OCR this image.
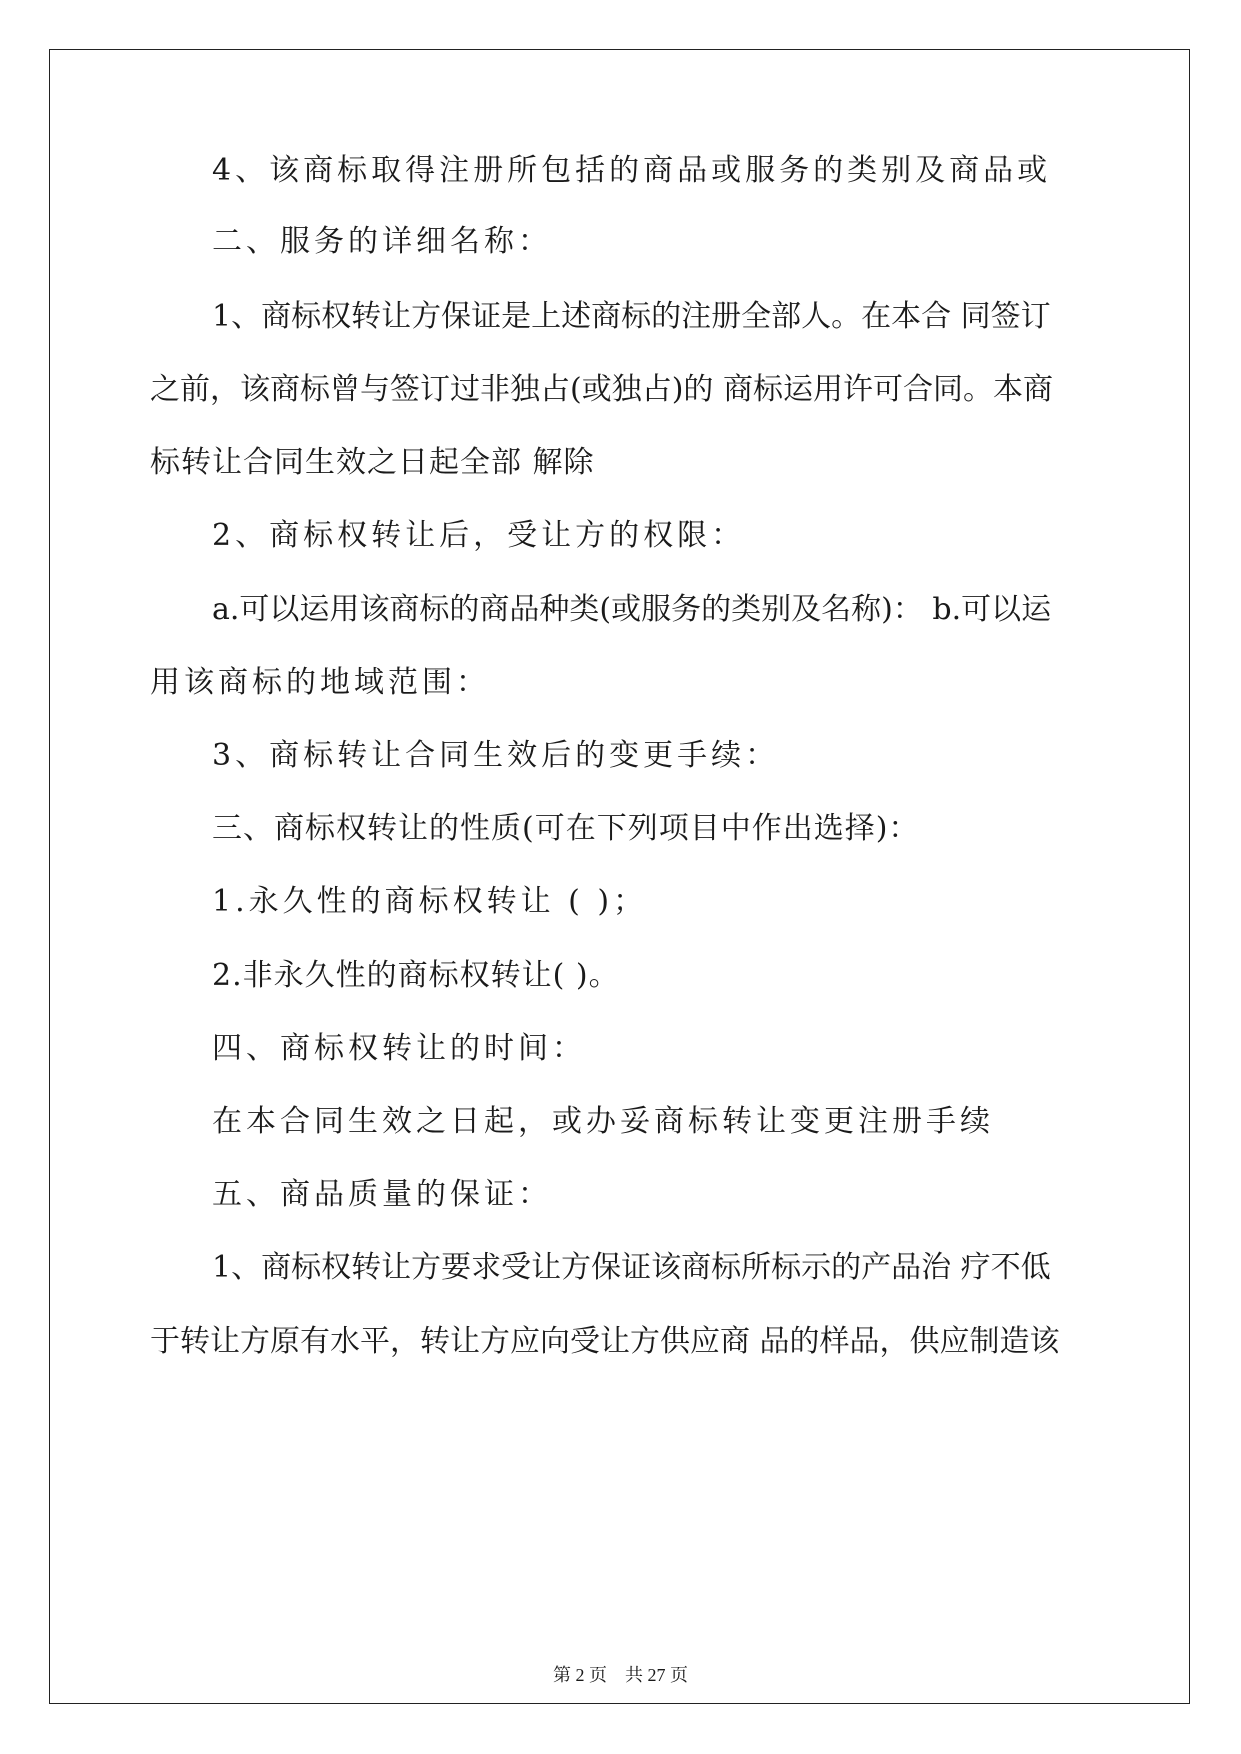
4、该商标取得注册所包括的商品或服务的类别及商品或

二、服务的详细名称：

1、商标权转让方保证是上述商标的注册全部人。在本合 同签订

之前，该商标曾与签订过非独占(或独占)的 商标运用许可合同。本商

标转让合同生效之日起全部 解除

2、商标权转让后，受让方的权限：

a.可以运用该商标的商品种类(或服务的类别及名称)： b.可以运

用该商标的地域范围：

3、商标转让合同生效后的变更手续：

三、商标权转让的性质(可在下列项目中作出选择)：

1.永久性的商标权转让 ( )；

2.非永久性的商标权转让( )。

四、商标权转让的时间：

在本合同生效之日起，或办妥商标转让变更注册手续

五、商品质量的保证：

1、商标权转让方要求受让方保证该商标所标示的产品治 疗不低

于转让方原有水平，转让方应向受让方供应商 品的样品，供应制造该

第 2 页    共 27 页
